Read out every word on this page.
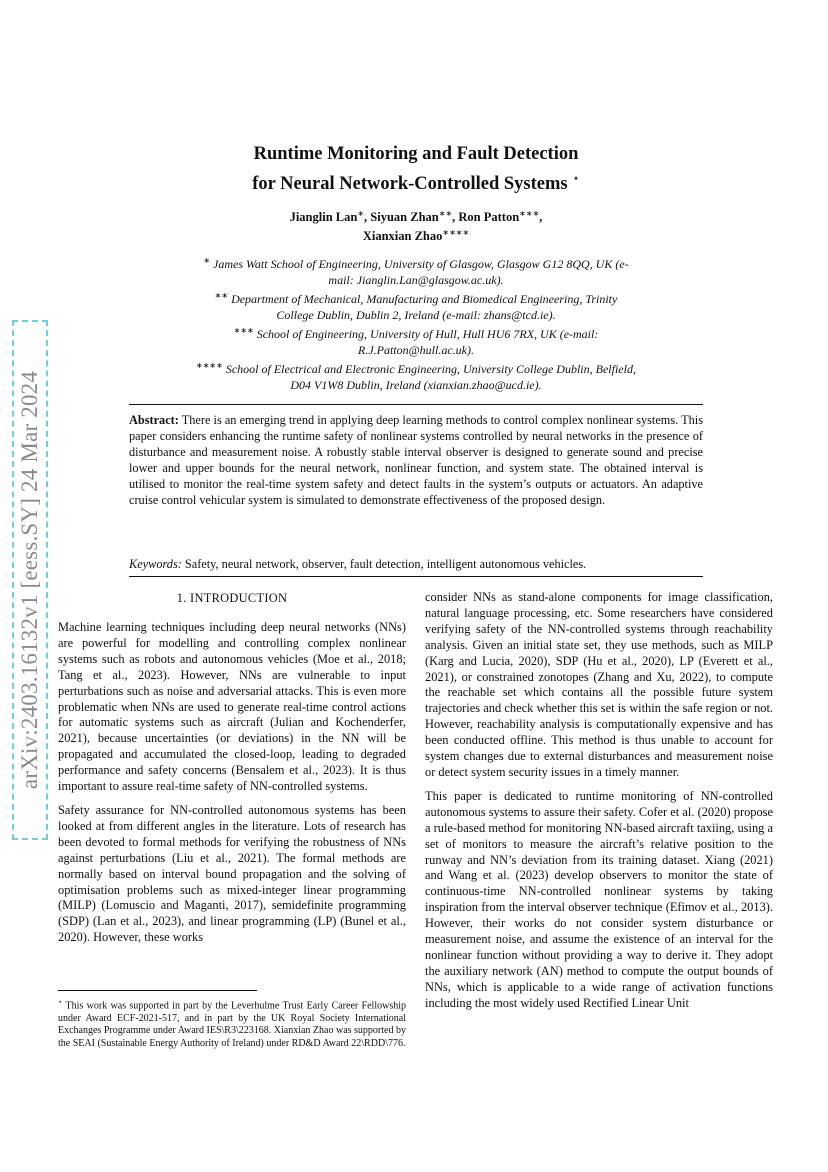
arXiv:2403.16132v1 [eess.SY] 24 Mar 2024
Runtime Monitoring and Fault Detection
for Neural Network-Controlled Systems ⋆
Jianglin Lan∗, Siyuan Zhan∗∗, Ron Patton∗∗∗,
Xianxian Zhao∗∗∗∗

∗ James Watt School of Engineering, University of Glasgow, Glasgow G12 8QQ, UK (e-mail: Jianglin.Lan@glasgow.ac.uk).

∗∗ Department of Mechanical, Manufacturing and Biomedical Engineering, Trinity College Dublin, Dublin 2, Ireland (e-mail: zhans@tcd.ie).

∗∗∗ School of Engineering, University of Hull, Hull HU6 7RX, UK (e-mail: R.J.Patton@hull.ac.uk).

∗∗∗∗ School of Electrical and Electronic Engineering, University College Dublin, Belfield, D04 V1W8 Dublin, Ireland (xianxian.zhao@ucd.ie).

Abstract: There is an emerging trend in applying deep learning methods to control complex nonlinear systems. This paper considers enhancing the runtime safety of nonlinear systems controlled by neural networks in the presence of disturbance and measurement noise. A robustly stable interval observer is designed to generate sound and precise lower and upper bounds for the neural network, nonlinear function, and system state. The obtained interval is utilised to monitor the real-time system safety and detect faults in the system’s outputs or actuators. An adaptive cruise control vehicular system is simulated to demonstrate effectiveness of the proposed design.
Keywords: Safety, neural network, observer, fault detection, intelligent autonomous vehicles.
1. INTRODUCTION

Machine learning techniques including deep neural networks (NNs) are powerful for modelling and controlling complex nonlinear systems such as robots and autonomous vehicles (Moe et al., 2018; Tang et al., 2023). However, NNs are vulnerable to input perturbations such as noise and adversarial attacks. This is even more problematic when NNs are used to generate real-time control actions for automatic systems such as aircraft (Julian and Kochenderfer, 2021), because uncertainties (or deviations) in the NN will be propagated and accumulated the closed-loop, leading to degraded performance and safety concerns (Bensalem et al., 2023). It is thus important to assure real-time safety of NN-controlled systems.

Safety assurance for NN-controlled autonomous systems has been looked at from different angles in the literature. Lots of research has been devoted to formal methods for verifying the robustness of NNs against perturbations (Liu et al., 2021). The formal methods are normally based on interval bound propagation and the solving of optimisation problems such as mixed-integer linear programming (MILP) (Lomuscio and Maganti, 2017), semidefinite programming (SDP) (Lan et al., 2023), and linear programming (LP) (Bunel et al., 2020). However, these works

consider NNs as stand-alone components for image classification, natural language processing, etc. Some researchers have considered verifying safety of the NN-controlled systems through reachability analysis. Given an initial state set, they use methods, such as MILP (Karg and Lucia, 2020), SDP (Hu et al., 2020), LP (Everett et al., 2021), or constrained zonotopes (Zhang and Xu, 2022), to compute the reachable set which contains all the possible future system trajectories and check whether this set is within the safe region or not. However, reachability analysis is computationally expensive and has been conducted offline. This method is thus unable to account for system changes due to external disturbances and measurement noise or detect system security issues in a timely manner.

This paper is dedicated to runtime monitoring of NN-controlled autonomous systems to assure their safety. Cofer et al. (2020) propose a rule-based method for monitoring NN-based aircraft taxiing, using a set of monitors to measure the aircraft’s relative position to the runway and NN’s deviation from its training dataset. Xiang (2021) and Wang et al. (2023) develop observers to monitor the state of continuous-time NN-controlled nonlinear systems by taking inspiration from the interval observer technique (Efimov et al., 2013). However, their works do not consider system disturbance or measurement noise, and assume the existence of an interval for the nonlinear function without providing a way to derive it. They adopt the auxiliary network (AN) method to compute the output bounds of NNs, which is applicable to a wide range of activation functions including the most widely used Rectified Linear Unit

⋆ This work was supported in part by the Leverhulme Trust Early Career Fellowship under Award ECF-2021-517, and in part by the UK Royal Society International Exchanges Programme under Award IES\R3\223168. Xianxian Zhao was supported by the SEAI (Sustainable Energy Authority of Ireland) under RD&D Award 22\RDD\776.
